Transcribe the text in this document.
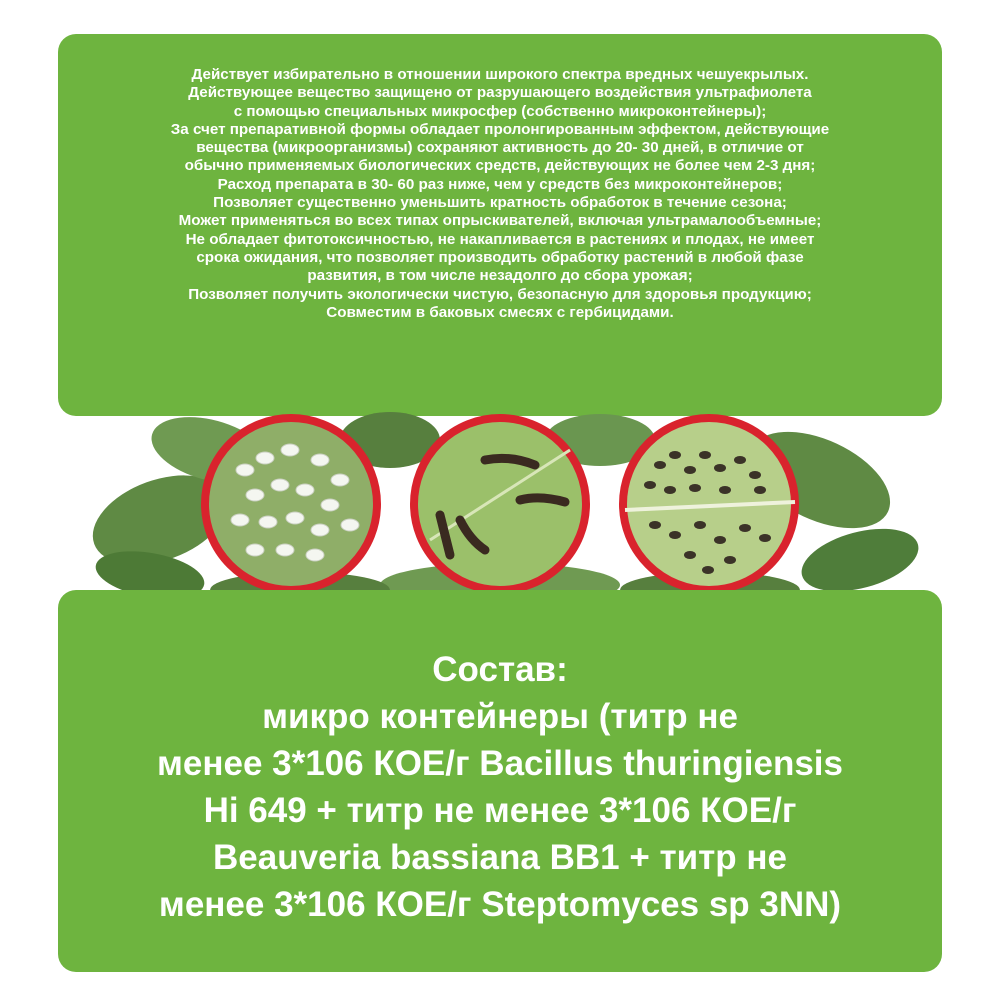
Действует избирательно в отношении широкого спектра вредных чешуекрылых.
Действующее вещество защищено от разрушающего воздействия ультрафиолета
с помощью специальных микросфер (собственно микроконтейнеры);
За счет препаративной формы обладает пролонгированным эффектом, действующие
вещества (микроорганизмы) сохраняют активность до 20- 30 дней, в отличие от
обычно применяемых биологических средств, действующих не более чем 2-3 дня;
Расход препарата в 30- 60 раз ниже, чем у средств без микроконтейнеров;
Позволяет существенно уменьшить кратность обработок в течение сезона;
Может применяться во всех типах опрыскивателей, включая ультрамалообъемные;
Не обладает фитотоксичностью, не накапливается в растениях и плодах, не имеет
срока ожидания, что позволяет производить обработку растений в любой фазе
развития, в том числе незадолго до сбора урожая;
Позволяет получить экологически чистую, безопасную для здоровья продукцию;
Совместим в баковых смесях с гербицидами.
Состав:
микро контейнеры (титр не
менее 3*106 КОЕ/г Bacillus thuringiensis
Hi 649 + титр не менее 3*106 КОЕ/г
Beauveria bassiana BB1 + титр не
менее 3*106 КОЕ/г Steptomyces sp 3NN)
